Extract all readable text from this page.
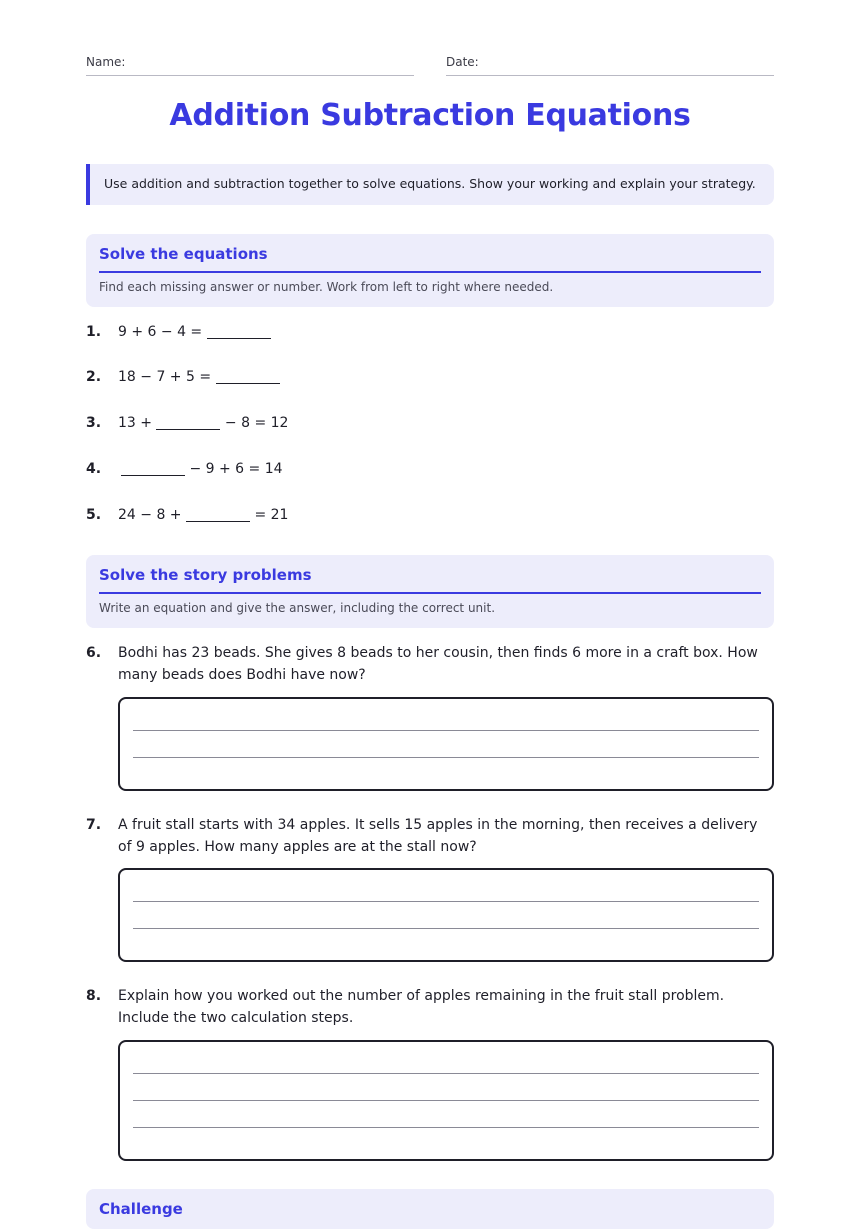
Name:	Date:
Addition Subtraction Equations
Use addition and subtraction together to solve equations. Show your working and explain your strategy.
Solve the equations
Find each missing answer or number. Work from left to right where needed.
1. 9 + 6 − 4 =
2. 18 − 7 + 5 =
3. 13 +	− 8 = 12
4.	− 9 + 6 = 14
5. 24 − 8 +	= 21
Solve the story problems
Write an equation and give the answer, including the correct unit.
6. Bodhi has 23 beads. She gives 8 beads to her cousin, then finds 6 more in a craft box. How many beads does Bodhi have now?
7. A fruit stall starts with 34 apples. It sells 15 apples in the morning, then receives a delivery of 9 apples. How many apples are at the stall now?
8. Explain how you worked out the number of apples remaining in the fruit stall problem. Include the two calculation steps.
Challenge
